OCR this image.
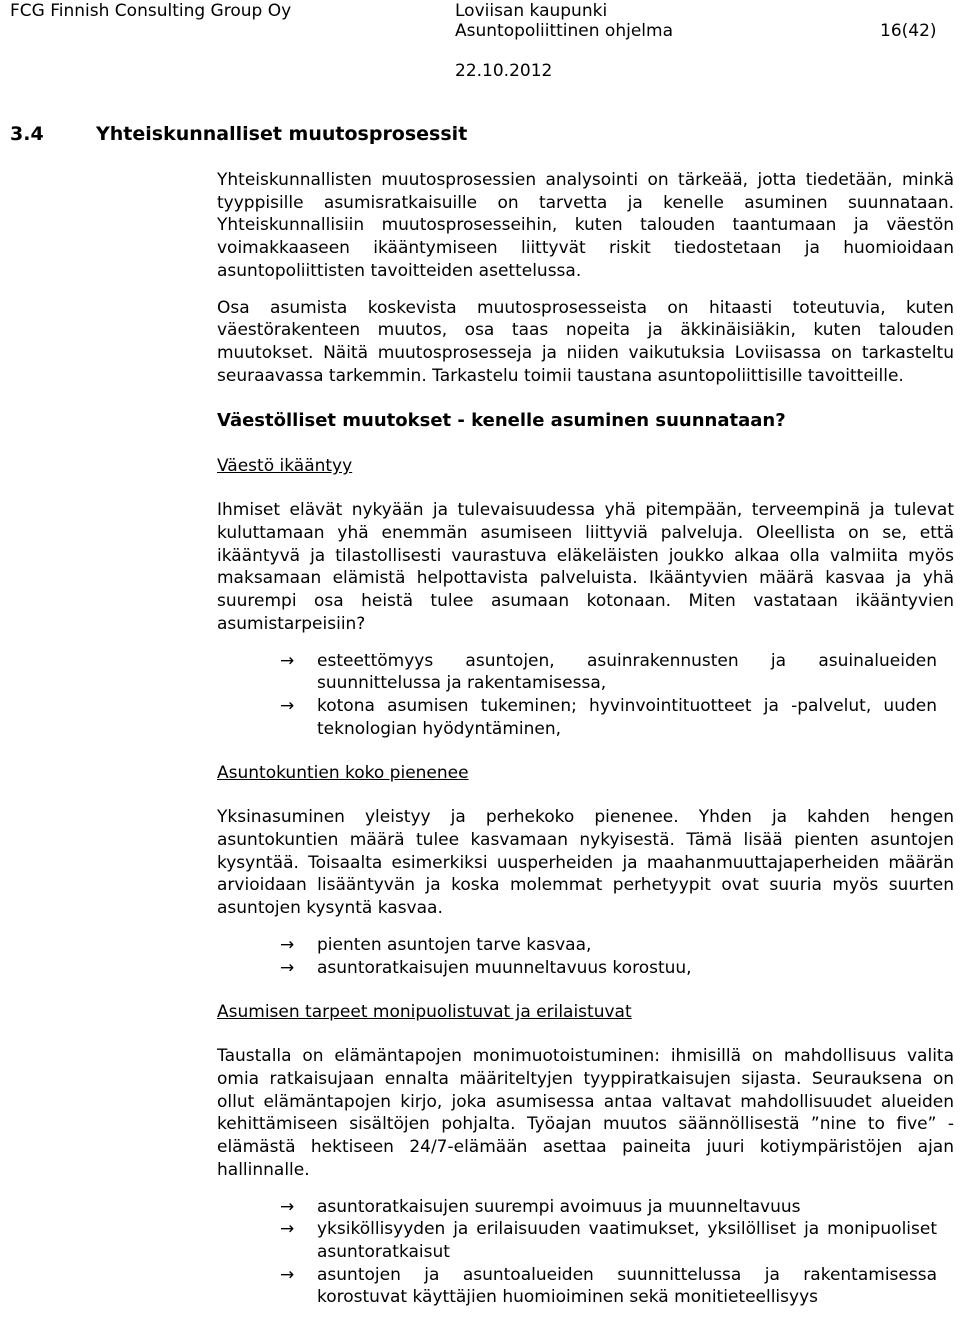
FCG Finnish Consulting Group Oy	Loviisan kaupunki
Asuntopoliittinen ohjelma	16(42)
22.10.2012
3.4	Yhteiskunnalliset muutosprosessit

Yhteiskunnallisten muutosprosessien analysointi on tärkeää, jotta tiedetään, minkä tyyppisille asumisratkaisuille on tarvetta ja kenelle asuminen suunnataan. Yhteiskunnallisiin muutosprosesseihin, kuten talouden taantumaan ja väestön voimakkaaseen ikääntymiseen liittyvät riskit tiedostetaan ja huomioidaan asuntopoliittisten tavoitteiden asettelussa.

Osa asumista koskevista muutosprosesseista on hitaasti toteutuvia, kuten väestörakenteen muutos, osa taas nopeita ja äkkinäisiäkin, kuten talouden muutokset. Näitä muutosprosesseja ja niiden vaikutuksia Loviisassa on tarkasteltu seuraavassa tarkemmin. Tarkastelu toimii taustana asuntopoliittisille tavoitteille.

Väestölliset muutokset - kenelle asuminen suunnataan?

Väestö ikääntyy

Ihmiset elävät nykyään ja tulevaisuudessa yhä pitempään, terveempinä ja tulevat kuluttamaan yhä enemmän asumiseen liittyviä palveluja. Oleellista on se, että ikääntyvä ja tilastollisesti vaurastuva eläkeläisten joukko alkaa olla valmiita myös maksamaan elämistä helpottavista palveluista. Ikääntyvien määrä kasvaa ja yhä suurempi osa heistä tulee asumaan kotonaan. Miten vastataan ikääntyvien asumistarpeisiin?

→ esteettömyys asuntojen, asuinrakennusten ja asuinalueiden suunnittelussa ja rakentamisessa,
→ kotona asumisen tukeminen; hyvinvointituotteet ja -palvelut, uuden teknologian hyödyntäminen,

Asuntokuntien koko pienenee

Yksinasuminen yleistyy ja perhekoko pienenee. Yhden ja kahden hengen asuntokuntien määrä tulee kasvamaan nykyisestä. Tämä lisää pienten asuntojen kysyntää. Toisaalta esimerkiksi uusperheiden ja maahanmuuttajaperheiden määrän arvioidaan lisääntyvän ja koska molemmat perhetyypit ovat suuria myös suurten asuntojen kysyntä kasvaa.

→ pienten asuntojen tarve kasvaa,
→ asuntoratkaisujen muunneltavuus korostuu,

Asumisen tarpeet monipuolistuvat ja erilaistuvat

Taustalla on elämäntapojen monimuotoistuminen: ihmisillä on mahdollisuus valita omia ratkaisujaan ennalta määriteltyjen tyyppiratkaisujen sijasta. Seurauksena on ollut elämäntapojen kirjo, joka asumisessa antaa valtavat mahdollisuudet alueiden kehittämiseen sisältöjen pohjalta. Työajan muutos säännöllisestä ”nine to five” -elämästä hektiseen 24/7-elämään asettaa paineita juuri kotiympäristöjen ajan hallinnalle.

→ asuntoratkaisujen suurempi avoimuus ja muunneltavuus
→ yksiköllisyyden ja erilaisuuden vaatimukset, yksilölliset ja monipuoliset asuntoratkaisut
→ asuntojen ja asuntoalueiden suunnittelussa ja rakentamisessa korostuvat käyttäjien huomioiminen sekä monitieteellisyys
